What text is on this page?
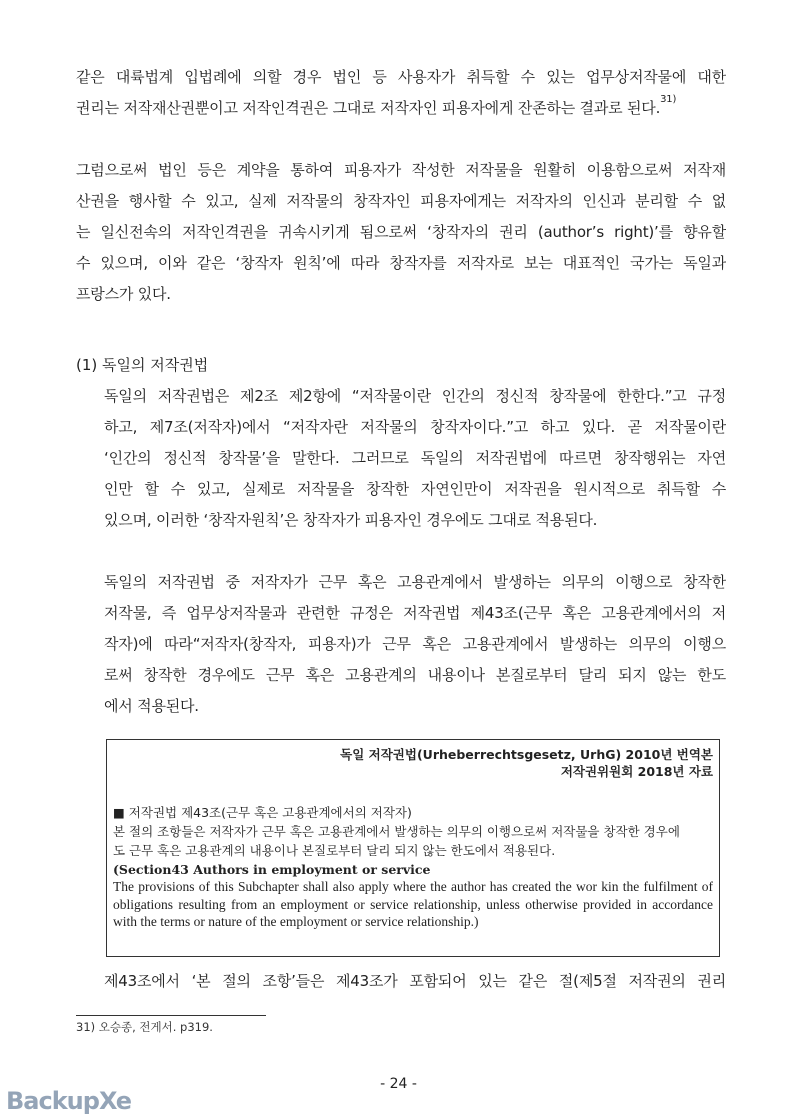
같은 대륙법계 입법례에 의할 경우 법인 등 사용자가 취득할 수 있는 업무상저작물에 대한
권리는 저작재산권뿐이고 저작인격권은 그대로 저작자인 피용자에게 잔존하는 결과로 된다.$^{31)}$
그럼으로써 법인 등은 계약을 통하여 피용자가 작성한 저작물을 원활히 이용함으로써 저작재
산권을 행사할 수 있고, 실제 저작물의 창작자인 피용자에게는 저작자의 인신과 분리할 수 없
는 일신전속의 저작인격권을 귀속시키게 됨으로써 ‘창작자의 권리 (author’s right)’를 향유할
수 있으며, 이와 같은 ‘창작자 원칙’에 따라 창작자를 저작자로 보는 대표적인 국가는 독일과
프랑스가 있다.
(1) 독일의 저작권법
독일의 저작권법은 제2조 제2항에 “저작물이란 인간의 정신적 창작물에 한한다.”고 규정
하고, 제7조(저작자)에서 “저작자란 저작물의 창작자이다.”고 하고 있다. 곧 저작물이란
‘인간의 정신적 창작물’을 말한다. 그러므로 독일의 저작권법에 따르면 창작행위는 자연
인만 할 수 있고, 실제로 저작물을 창작한 자연인만이 저작권을 원시적으로 취득할 수
있으며, 이러한 ‘창작자원칙’은 창작자가 피용자인 경우에도 그대로 적용된다.
독일의 저작권법 중 저작자가 근무 혹은 고용관계에서 발생하는 의무의 이행으로 창작한
저작물, 즉 업무상저작물과 관련한 규정은 저작권법 제43조(근무 혹은 고용관계에서의 저
작자)에 따라“저작자(창작자, 피용자)가 근무 혹은 고용관계에서 발생하는 의무의 이행으
로써 창작한 경우에도 근무 혹은 고용관계의 내용이나 본질로부터 달리 되지 않는 한도
에서 적용된다.
독일 저작권법(Urheberrechtsgesetz, UrhG) 2010년 번역본
저작권위원회 2018년 자료
■ 저작권법 제43조(근무 혹은 고용관계에서의 저작자)
본 절의 조항들은 저작자가 근무 혹은 고용관계에서 발생하는 의무의 이행으로써 저작물을 창작한 경우에
도 근무 혹은 고용관계의 내용이나 본질로부터 달리 되지 않는 한도에서 적용된다.
(Section43 Authors in employment or service
The provisions of this Subchapter shall also apply where the author has created the wor kin the fulfilment of obligations resulting from an employment or service relationship, unless otherwise provided in accordance with the terms or nature of the employment or service relationship.)
제43조에서 ‘본 절의 조항’들은 제43조가 포함되어 있는 같은 절(제5절 저작권의 권리
31) 오승종, 전게서. p319.
- 24 -
BackupXe
